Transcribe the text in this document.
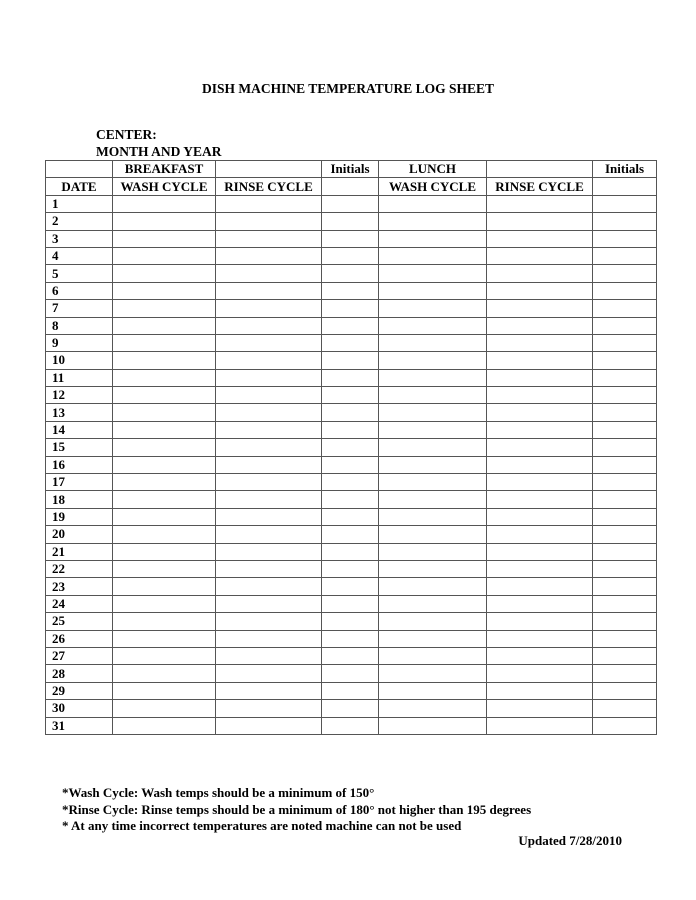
DISH MACHINE TEMPERATURE LOG SHEET
CENTER:
MONTH AND YEAR
	BREAKFAST		Initials	LUNCH		Initials
DATE	WASH CYCLE	RINSE CYCLE		WASH CYCLE	RINSE CYCLE	
1						
2						
3						
4						
5						
6						
7						
8						
9						
10						
11						
12						
13						
14						
15						
16						
17						
18						
19						
20						
21						
22						
23						
24						
25						
26						
27						
28						
29						
30						
31						
*Wash Cycle: Wash temps should be a minimum of 150°
*Rinse Cycle: Rinse temps should be a minimum of 180° not higher than 195 degrees
* At any time incorrect temperatures are noted machine can not be used
Updated 7/28/2010
